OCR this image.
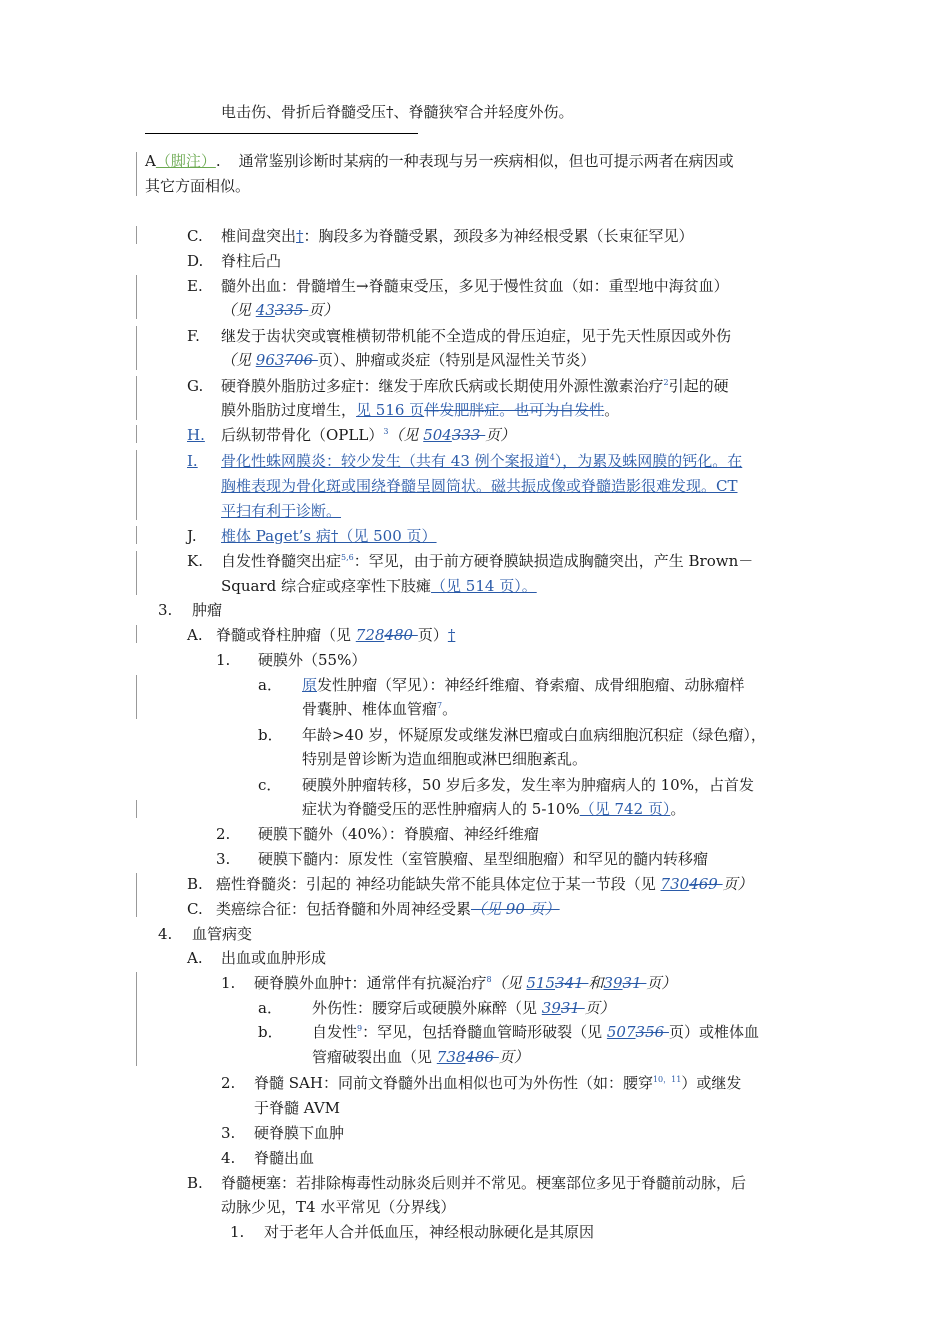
电击伤、骨折后脊髓受压†、脊髓狭窄合并轻度外伤。
A（脚注）. 通常鉴别诊断时某病的一种表现与另一疾病相似，但也可提示两者在病因或
其它方面相似。
C. 椎间盘突出†：胸段多为脊髓受累，颈段多为神经根受累（长束征罕见）
D. 脊柱后凸
E. 髓外出血：骨髓增生→脊髓束受压，多见于慢性贫血（如：重型地中海贫血）
（见 43335 页）
F. 继发于齿状突或寰椎横韧带机能不全造成的骨压迫症，见于先天性原因或外伤
（见 963706 页）、肿瘤或炎症（特别是风湿性关节炎）
G. 硬脊膜外脂肪过多症†：继发于库欣氏病或长期使用外源性激素治疗$^2$引起的硬
膜外脂肪过度增生，见 516 页伴发肥胖症。也可为自发性。
H. 后纵韧带骨化（OPLL）$^3$（见 504333 页）
I. 骨化性蛛网膜炎：较少发生（共有 43 例个案报道$^4$），为累及蛛网膜的钙化。在
胸椎表现为骨化斑或围绕脊髓呈圆筒状。磁共振成像或脊髓造影很难发现。CT
平扫有利于诊断。
J. 椎体 Paget’s 病†（见 500 页）
K. 自发性脊髓突出症$^{5,6}$：罕见，由于前方硬脊膜缺损造成胸髓突出，产生 Brown－
Squard 综合症或痉挛性下肢瘫（见 514 页）。
3. 肿瘤
A. 脊髓或脊柱肿瘤（见 728480 页）†
1. 硬膜外（55%）
a． 原发性肿瘤（罕见）：神经纤维瘤、脊索瘤、成骨细胞瘤、动脉瘤样
骨囊肿、椎体血管瘤$^7$。
b． 年龄>40 岁，怀疑原发或继发淋巴瘤或白血病细胞沉积症（绿色瘤），
特别是曾诊断为造血细胞或淋巴细胞紊乱。
c． 硬膜外肿瘤转移，50 岁后多发，发生率为肿瘤病人的 10%，占首发
症状为脊髓受压的恶性肿瘤病人的 5-10%（见 742 页）。
2. 硬膜下髓外（40%）：脊膜瘤、神经纤维瘤
3. 硬膜下髓内：原发性（室管膜瘤、星型细胞瘤）和罕见的髓内转移瘤
B. 癌性脊髓炎：引起的 神经功能缺失常不能具体定位于某一节段（见 730469 页）
C. 类癌综合征：包括脊髓和外周神经受累（见 90 页）
4. 血管病变
A. 出血或血肿形成
1. 硬脊膜外血肿†：通常伴有抗凝治疗$^8$（见 515341 和3931 页）
a． 外伤性：腰穿后或硬膜外麻醉（见 3931 页）
b． 自发性$^9$：罕见，包括脊髓血管畸形破裂（见 507356 页）或椎体血
管瘤破裂出血（见 738486 页）
2. 脊髓 SAH：同前文脊髓外出血相似也可为外伤性（如：腰穿$^{10,11}$）或继发
于脊髓 AVM
3. 硬脊膜下血肿
4. 脊髓出血
B. 脊髓梗塞：若排除梅毒性动脉炎后则并不常见。梗塞部位多见于脊髓前动脉，后
动脉少见，T4 水平常见（分界线）
1. 对于老年人合并低血压，神经根动脉硬化是其原因
